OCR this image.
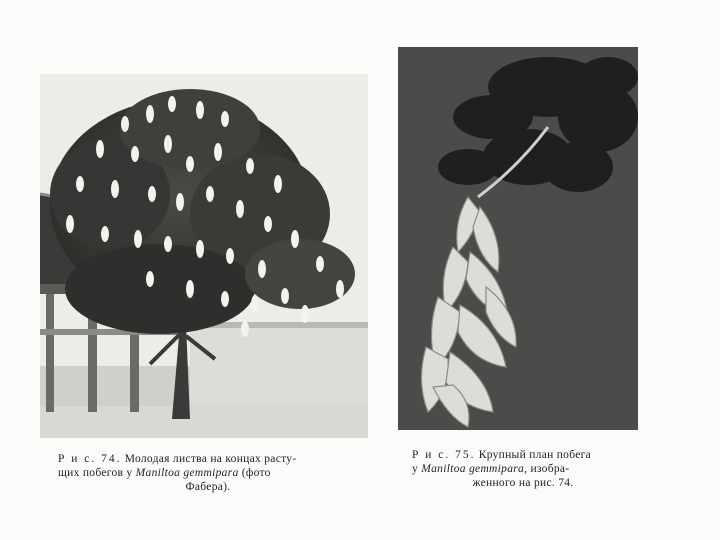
Р и с. 74. Молодая листва на концах расту-
щих побегов у Maniltoa gemmipara (фото
Фабера).
Р и с. 75. Крупный план побега
у Maniltoa gemmipara, изобра-
женного на рис. 74.
